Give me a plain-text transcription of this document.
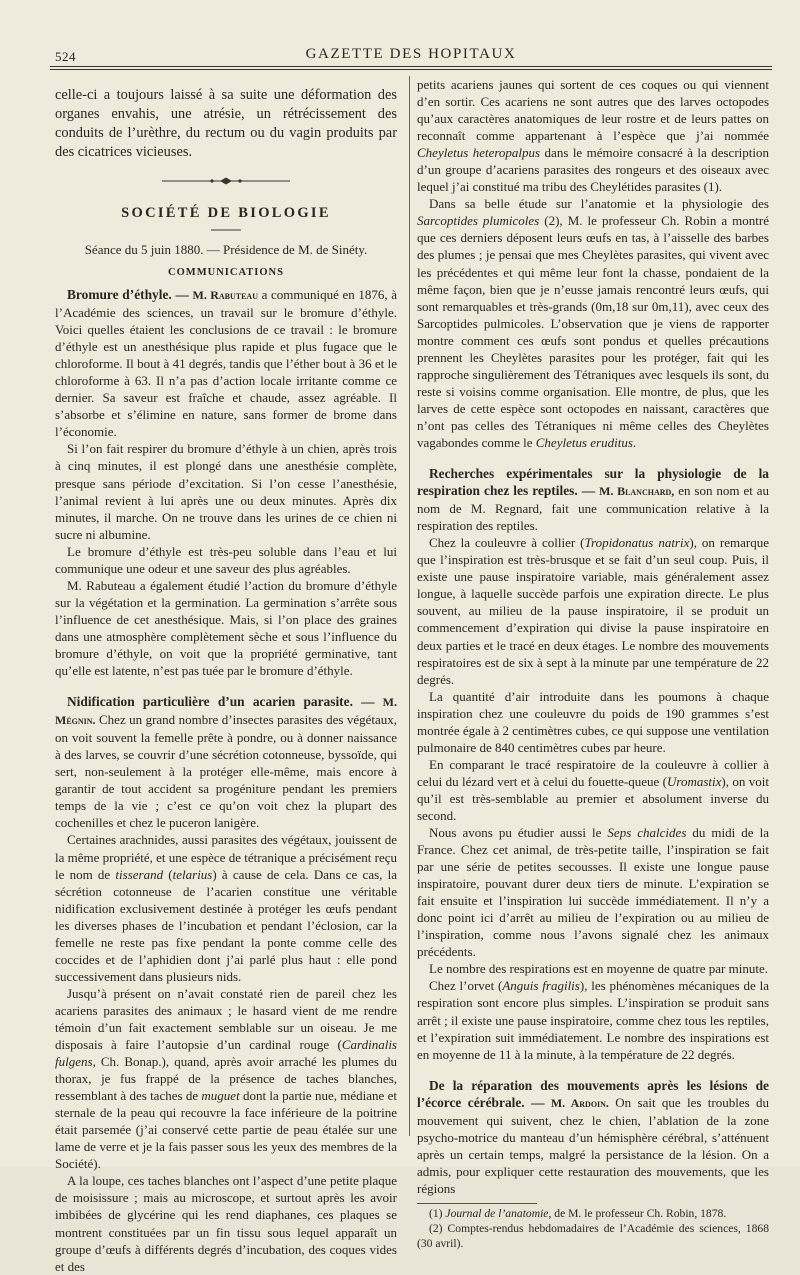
524	GAZETTE DES HOPITAUX

celle-ci a toujours laissé à sa suite une déformation des organes envahis, une atrésie, un rétrécissement des conduits de l’urèthre, du rectum ou du vagin produits par des cicatrices vicieuses.

SOCIÉTÉ DE BIOLOGIE
Séance du 5 juin 1880. — Présidence de M. de Sinéty.
COMMUNICATIONS

Bromure d’éthyle. — M. Rabuteau a communiqué en 1876, à l’Académie des sciences, un travail sur le bromure d’éthyle. Voici quelles étaient les conclusions de ce travail : le bromure d’éthyle est un anesthésique plus rapide et plus fugace que le chloroforme. Il bout à 41 degrés, tandis que l’éther bout à 36 et le chloroforme à 63. Il n’a pas d’action locale irritante comme ce dernier. Sa saveur est fraîche et chaude, assez agréable. Il s’absorbe et s’élimine en nature, sans former de brome dans l’économie.

Si l’on fait respirer du bromure d’éthyle à un chien, après trois à cinq minutes, il est plongé dans une anesthésie complète, presque sans période d’excitation. Si l’on cesse l’anesthésie, l’animal revient à lui après une ou deux minutes. Après dix minutes, il marche. On ne trouve dans les urines de ce chien ni sucre ni albumine.

Le bromure d’éthyle est très-peu soluble dans l’eau et lui communique une odeur et une saveur des plus agréables.

M. Rabuteau a également étudié l’action du bromure d’éthyle sur la végétation et la germination. La germination s’arrête sous l’influence de cet anesthésique. Mais, si l’on place des graines dans une atmosphère complètement sèche et sous l’influence du bromure d’éthyle, on voit que la propriété germinative, tant qu’elle est latente, n’est pas tuée par le bromure d’éthyle.

Nidification particulière d’un acarien parasite. — M. Mégnin. Chez un grand nombre d’insectes parasites des végétaux, on voit souvent la femelle prête à pondre, ou à donner naissance à des larves, se couvrir d’une sécrétion cotonneuse, byssoïde, qui sert, non-seulement à la protéger elle-même, mais encore à garantir de tout accident sa progéniture pendant les premiers temps de la vie ; c’est ce qu’on voit chez la plupart des cochenilles et chez le puceron lanigère.

Certaines arachnides, aussi parasites des végétaux, jouissent de la même propriété, et une espèce de tétranique a précisément reçu le nom de tisserand (telarius) à cause de cela. Dans ce cas, la sécrétion cotonneuse de l’acarien constitue une véritable nidification exclusivement destinée à protéger les œufs pendant les diverses phases de l’incubation et pendant l’éclosion, car la femelle ne reste pas fixe pendant la ponte comme celle des coccides et de l’aphidien dont j’ai parlé plus haut : elle pond successivement dans plusieurs nids.

Jusqu’à présent on n’avait constaté rien de pareil chez les acariens parasites des animaux ; le hasard vient de me rendre témoin d’un fait exactement semblable sur un oiseau. Je me disposais à faire l’autopsie d’un cardinal rouge (Cardinalis fulgens, Ch. Bonap.), quand, après avoir arraché les plumes du thorax, je fus frappé de la présence de taches blanches, ressemblant à des taches de muguet dont la partie nue, médiane et sternale de la peau qui recouvre la face inférieure de la poitrine était parsemée (j’ai conservé cette partie de peau étalée sur une lame de verre et je la fais passer sous les yeux des membres de la Société).

A la loupe, ces taches blanches ont l’aspect d’une petite plaque de moisissure ; mais au microscope, et surtout après les avoir imbibées de glycérine qui les rend diaphanes, ces plaques se montrent constituées par un fin tissu sous lequel apparaît un groupe d’œufs à différents degrés d’incubation, des coques vides et des

petits acariens jaunes qui sortent de ces coques ou qui viennent d’en sortir. Ces acariens ne sont autres que des larves octopodes qu’aux caractères anatomiques de leur rostre et de leurs pattes on reconnaît comme appartenant à l’espèce que j’ai nommée Cheyletus heteropalpus dans le mémoire consacré à la description d’un groupe d’acariens parasites des rongeurs et des oiseaux avec lequel j’ai constitué ma tribu des Cheylétides parasites (1).

Dans sa belle étude sur l’anatomie et la physiologie des Sarcoptides plumicoles (2), M. le professeur Ch. Robin a montré que ces derniers déposent leurs œufs en tas, à l’aisselle des barbes des plumes ; je pensai que mes Cheylètes parasites, qui vivent avec les précédentes et qui même leur font la chasse, pondaient de la même façon, bien que je n’eusse jamais rencontré leurs œufs, qui sont remarquables et très-grands (0m,18 sur 0m,11), avec ceux des Sarcoptides pulmicoles. L’observation que je viens de rapporter montre comment ces œufs sont pondus et quelles précautions prennent les Cheylètes parasites pour les protéger, fait qui les rapproche singulièrement des Tétraniques avec lesquels ils sont, du reste si voisins comme organisation. Elle montre, de plus, que les larves de cette espèce sont octopodes en naissant, caractères que n’ont pas celles des Tétraniques ni même celles des Cheylètes vagabondes comme le Cheyletus eruditus.

Recherches expérimentales sur la physiologie de la respiration chez les reptiles. — M. Blanchard, en son nom et au nom de M. Regnard, fait une communication relative à la respiration des reptiles.

Chez la couleuvre à collier (Tropidonatus natrix), on remarque que l’inspiration est très-brusque et se fait d’un seul coup. Puis, il existe une pause inspiratoire variable, mais généralement assez longue, à laquelle succède parfois une expiration directe. Le plus souvent, au milieu de la pause inspiratoire, il se produit un commencement d’expiration qui divise la pause inspiratoire en deux parties et le tracé en deux étages. Le nombre des mouvements respiratoires est de six à sept à la minute par une température de 22 degrés.

La quantité d’air introduite dans les poumons à chaque inspiration chez une couleuvre du poids de 190 grammes s’est montrée égale à 2 centimètres cubes, ce qui suppose une ventilation pulmonaire de 840 centimètres cubes par heure.

En comparant le tracé respiratoire de la couleuvre à collier à celui du lézard vert et à celui du fouette-queue (Uromastix), on voit qu’il est très-semblable au premier et absolument inverse du second.

Nous avons pu étudier aussi le Seps chalcides du midi de la France. Chez cet animal, de très-petite taille, l’inspiration se fait par une série de petites secousses. Il existe une longue pause inspiratoire, pouvant durer deux tiers de minute. L’expiration se fait ensuite et l’inspiration lui succède immédiatement. Il n’y a donc point ici d’arrêt au milieu de l’expiration ou au milieu de l’inspiration, comme nous l’avons signalé chez les animaux précédents.

Le nombre des respirations est en moyenne de quatre par minute.

Chez l’orvet (Anguis fragilis), les phénomènes mécaniques de la respiration sont encore plus simples. L’inspiration se produit sans arrêt ; il existe une pause inspiratoire, comme chez tous les reptiles, et l’expiration suit immédiatement. Le nombre des inspirations est en moyenne de 11 à la minute, à la température de 22 degrés.

De la réparation des mouvements après les lésions de l’écorce cérébrale. — M. Ardoin. On sait que les troubles du mouvement qui suivent, chez le chien, l’ablation de la zone psycho-motrice du manteau d’un hémisphère cérébral, s’atténuent après un certain temps, malgré la persistance de la lésion. On a admis, pour expliquer cette restauration des mouvements, que les régions

(1) Journal de l’anatomie, de M. le professeur Ch. Robin, 1878.

(2) Comptes-rendus hebdomadaires de l’Académie des sciences, 1868 (30 avril).
